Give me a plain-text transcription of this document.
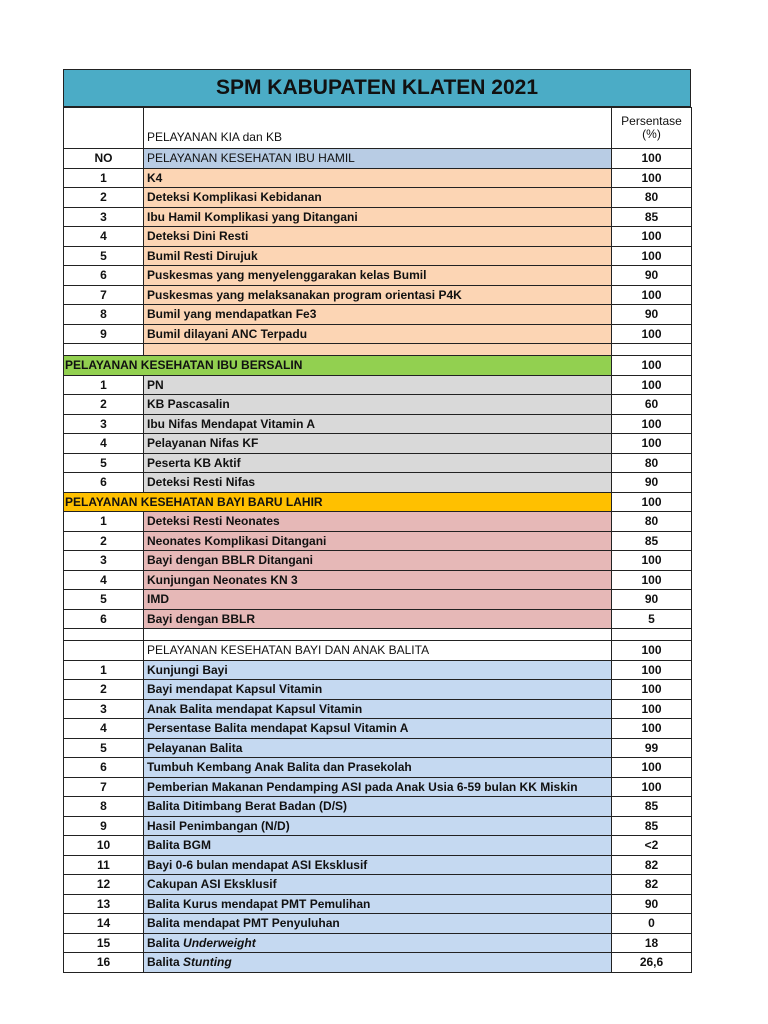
SPM KABUPATEN KLATEN 2021
	PELAYANAN KIA dan KB	Persentase
(%)
NO	PELAYANAN KESEHATAN IBU HAMIL	100
1	K4	100
2	Deteksi Komplikasi Kebidanan	80
3	Ibu Hamil Komplikasi yang Ditangani	85
4	Deteksi Dini Resti	100
5	Bumil Resti Dirujuk	100
6	Puskesmas yang menyelenggarakan kelas Bumil	90
7	Puskesmas yang melaksanakan program orientasi P4K	100
8	Bumil yang mendapatkan Fe3	90
9	Bumil dilayani ANC Terpadu	100

PELAYANAN KESEHATAN IBU BERSALIN		100
1	PN	100
2	KB Pascasalin	60
3	Ibu Nifas Mendapat Vitamin A	100
4	Pelayanan Nifas KF	100
5	Peserta KB Aktif	80
6	Deteksi Resti Nifas	90
PELAYANAN KESEHATAN BAYI BARU LAHIR		100
1	Deteksi Resti Neonates	80
2	Neonates Komplikasi Ditangani	85
3	Bayi dengan BBLR Ditangani	100
4	Kunjungan Neonates KN 3	100
5	IMD	90
6	Bayi dengan BBLR	5

	PELAYANAN KESEHATAN BAYI DAN ANAK BALITA	100
1	Kunjungi Bayi	100
2	Bayi mendapat Kapsul Vitamin	100
3	Anak Balita mendapat Kapsul Vitamin	100
4	Persentase Balita mendapat Kapsul Vitamin A	100
5	Pelayanan Balita	99
6	Tumbuh Kembang Anak Balita dan Prasekolah	100
7	Pemberian Makanan Pendamping ASI pada Anak Usia 6-59 bulan KK Miskin	100
8	Balita Ditimbang Berat Badan (D/S)	85
9	Hasil Penimbangan (N/D)	85
10	Balita BGM	<2
11	Bayi 0-6 bulan mendapat ASI Eksklusif	82
12	Cakupan ASI Eksklusif	82
13	Balita Kurus mendapat PMT Pemulihan	90
14	Balita mendapat PMT Penyuluhan	0
15	Balita Underweight	18
16	Balita Stunting	26,6
